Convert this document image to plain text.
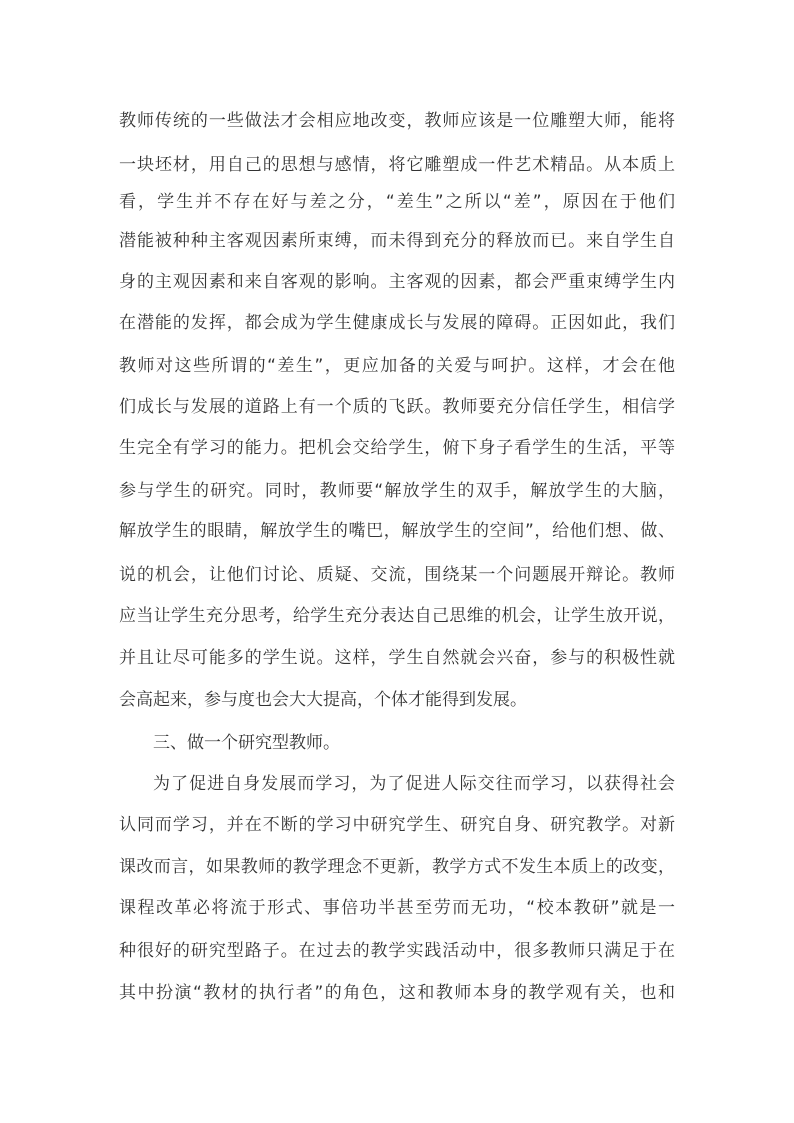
教师传统的一些做法才会相应地改变，教师应该是一位雕塑大师，能将
一块坯材，用自己的思想与感情，将它雕塑成一件艺术精品。从本质上
看，学生并不存在好与差之分，“差生”之所以“差”，原因在于他们
潜能被种种主客观因素所束缚，而未得到充分的释放而已。来自学生自
身的主观因素和来自客观的影响。主客观的因素，都会严重束缚学生内
在潜能的发挥，都会成为学生健康成长与发展的障碍。正因如此，我们
教师对这些所谓的“差生”，更应加备的关爱与呵护。这样，才会在他
们成长与发展的道路上有一个质的飞跃。教师要充分信任学生，相信学
生完全有学习的能力。把机会交给学生，俯下身子看学生的生活，平等
参与学生的研究。同时，教师要“解放学生的双手，解放学生的大脑，
解放学生的眼睛，解放学生的嘴巴，解放学生的空间”，给他们想、做、
说的机会，让他们讨论、质疑、交流，围绕某一个问题展开辩论。教师
应当让学生充分思考，给学生充分表达自己思维的机会，让学生放开说，
并且让尽可能多的学生说。这样，学生自然就会兴奋，参与的积极性就
会高起来，参与度也会大大提高，个体才能得到发展。
三、做一个研究型教师。
为了促进自身发展而学习，为了促进人际交往而学习，以获得社会
认同而学习，并在不断的学习中研究学生、研究自身、研究教学。对新
课改而言，如果教师的教学理念不更新，教学方式不发生本质上的改变，
课程改革必将流于形式、事倍功半甚至劳而无功，“校本教研”就是一
种很好的研究型路子。在过去的教学实践活动中，很多教师只满足于在
其中扮演“教材的执行者”的角色，这和教师本身的教学观有关，也和
